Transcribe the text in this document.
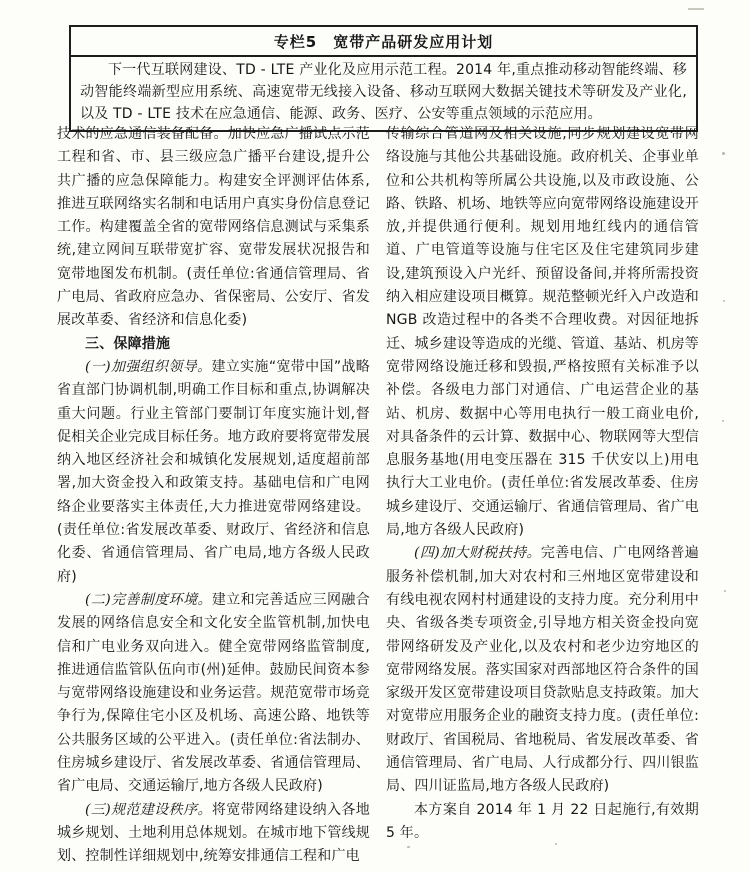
专栏5　宽带产品研发应用计划
下一代互联网建设、TD - LTE 产业化及应用示范工程。2014 年,重点推动移动智能终端、移动智能终端新型应用系统、高速宽带无线接入设备、移动互联网大数据关键技术等研发及产业化,以及 TD - LTE 技术在应急通信、能源、政务、医疗、公安等重点领域的示范应用。

技术的应急通信装备配备。加快应急广播试点示范工程和省、市、县三级应急广播平台建设,提升公共广播的应急保障能力。构建安全评测评估体系,推进互联网络实名制和电话用户真实身份信息登记工作。构建覆盖全省的宽带网络信息测试与采集系统,建立网间互联带宽扩容、宽带发展状况报告和宽带地图发布机制。(责任单位:省通信管理局、省广电局、省政府应急办、省保密局、公安厅、省发展改革委、省经济和信息化委)

三、保障措施

(一)加强组织领导。建立实施“宽带中国”战略省直部门协调机制,明确工作目标和重点,协调解决重大问题。行业主管部门要制订年度实施计划,督促相关企业完成目标任务。地方政府要将宽带发展纳入地区经济社会和城镇化发展规划,适度超前部署,加大资金投入和政策支持。基础电信和广电网络企业要落实主体责任,大力推进宽带网络建设。(责任单位:省发展改革委、财政厅、省经济和信息化委、省通信管理局、省广电局,地方各级人民政府)

(二)完善制度环境。建立和完善适应三网融合发展的网络信息安全和文化安全监管机制,加快电信和广电业务双向进入。健全宽带网络监管制度,推进通信监管队伍向市(州)延伸。鼓励民间资本参与宽带网络设施建设和业务运营。规范宽带市场竞争行为,保障住宅小区及机场、高速公路、地铁等公共服务区域的公平进入。(责任单位:省法制办、住房城乡建设厅、省发展改革委、省通信管理局、省广电局、交通运输厅,地方各级人民政府)

(三)规范建设秩序。将宽带网络建设纳入各地城乡规划、土地利用总体规划。在城市地下管线规划、控制性详细规划中,统筹安排通信工程和广电

传输综合管道网及相关设施,同步规划建设宽带网络设施与其他公共基础设施。政府机关、企事业单位和公共机构等所属公共设施,以及市政设施、公路、铁路、机场、地铁等应向宽带网络设施建设开放,并提供通行便利。规划用地红线内的通信管道、广电管道等设施与住宅区及住宅建筑同步建设,建筑预设入户光纤、预留设备间,并将所需投资纳入相应建设项目概算。规范整顿光纤入户改造和 NGB 改造过程中的各类不合理收费。对因征地拆迁、城乡建设等造成的光缆、管道、基站、机房等宽带网络设施迁移和毁损,严格按照有关标准予以补偿。各级电力部门对通信、广电运营企业的基站、机房、数据中心等用电执行一般工商业电价,对具备条件的云计算、数据中心、物联网等大型信息服务基地(用电变压器在 315 千伏安以上)用电执行大工业电价。(责任单位:省发展改革委、住房城乡建设厅、交通运输厅、省通信管理局、省广电局,地方各级人民政府)

(四)加大财税扶持。完善电信、广电网络普遍服务补偿机制,加大对农村和三州地区宽带建设和有线电视农网村村通建设的支持力度。充分利用中央、省级各类专项资金,引导地方相关资金投向宽带网络研发及产业化,以及农村和老少边穷地区的宽带网络发展。落实国家对西部地区符合条件的国家级开发区宽带建设项目贷款贴息支持政策。加大对宽带应用服务企业的融资支持力度。(责任单位:财政厅、省国税局、省地税局、省发展改革委、省通信管理局、省广电局、人行成都分行、四川银监局、四川证监局,地方各级人民政府)

本方案自 2014 年 1 月 22 日起施行,有效期 5 年。
